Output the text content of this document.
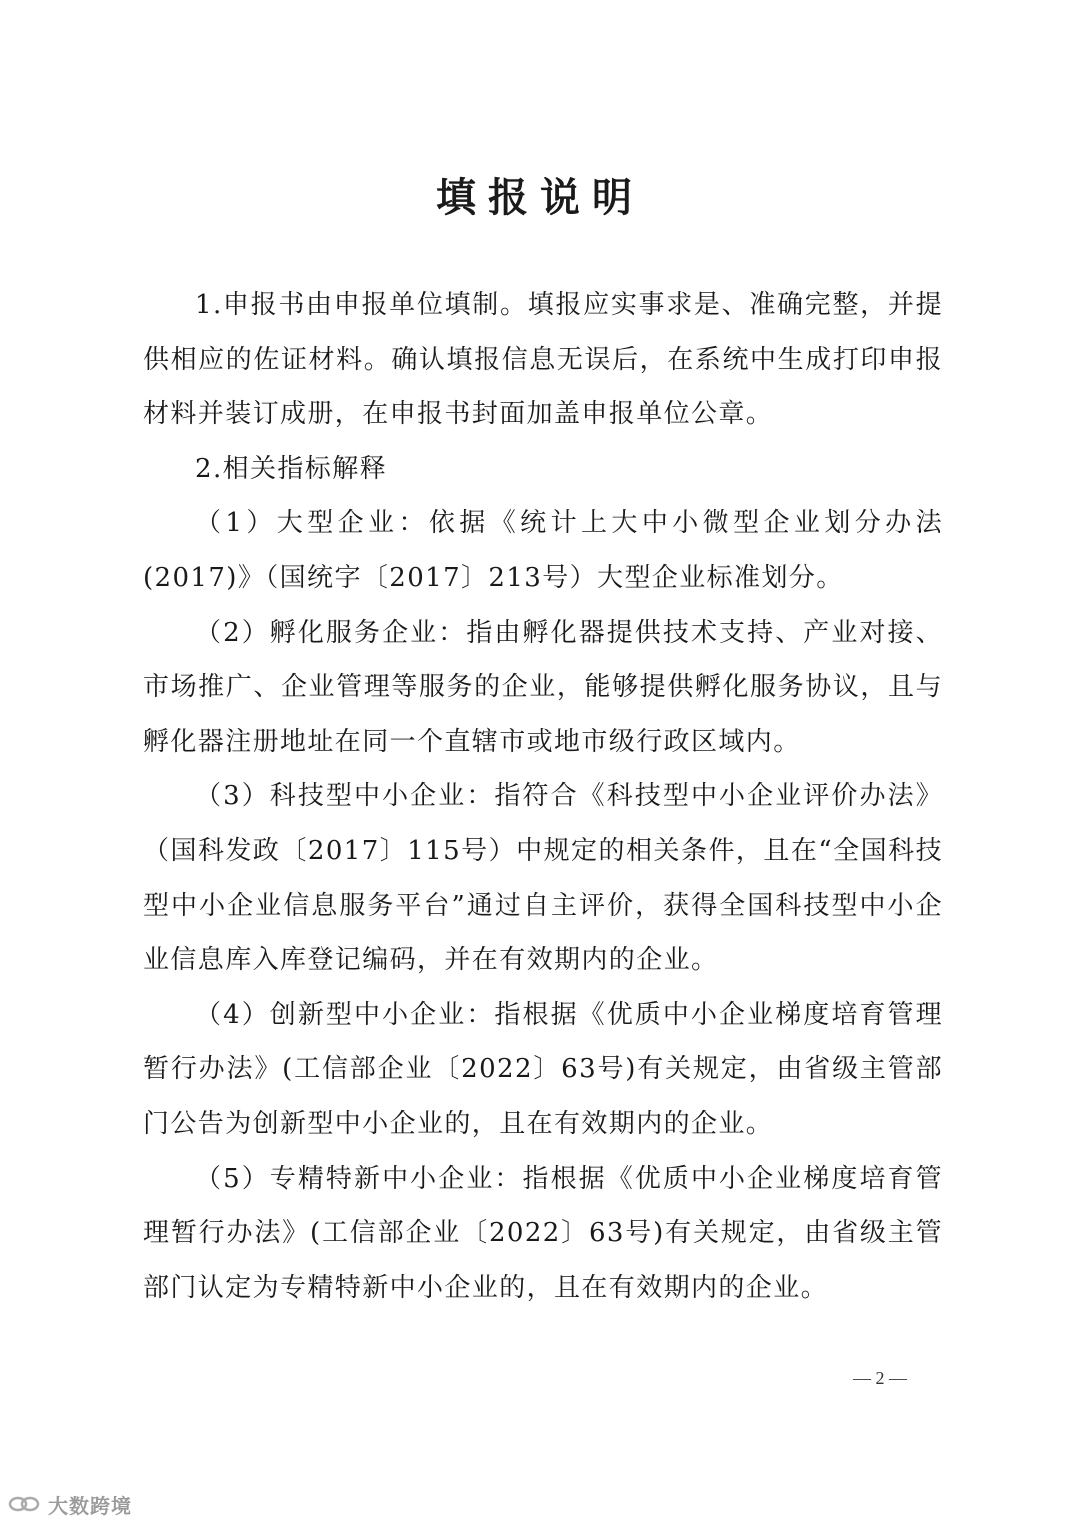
填报说明

1.申报书由申报单位填制。填报应实事求是、准确完整，并提供相应的佐证材料。确认填报信息无误后，在系统中生成打印申报材料并装订成册，在申报书封面加盖申报单位公章。

2.相关指标解释

（1）大型企业：依据《统计上大中小微型企业划分办法(2017)》（国统字〔2017〕213号）大型企业标准划分。

（2）孵化服务企业：指由孵化器提供技术支持、产业对接、市场推广、企业管理等服务的企业，能够提供孵化服务协议，且与孵化器注册地址在同一个直辖市或地市级行政区域内。

（3）科技型中小企业：指符合《科技型中小企业评价办法》（国科发政〔2017〕115号）中规定的相关条件，且在“全国科技型中小企业信息服务平台”通过自主评价，获得全国科技型中小企业信息库入库登记编码，并在有效期内的企业。

（4）创新型中小企业：指根据《优质中小企业梯度培育管理暂行办法》(工信部企业〔2022〕63号)有关规定，由省级主管部门公告为创新型中小企业的，且在有效期内的企业。

（5）专精特新中小企业：指根据《优质中小企业梯度培育管理暂行办法》(工信部企业〔2022〕63号)有关规定，由省级主管部门认定为专精特新中小企业的，且在有效期内的企业。

— 2 —
大数跨境
